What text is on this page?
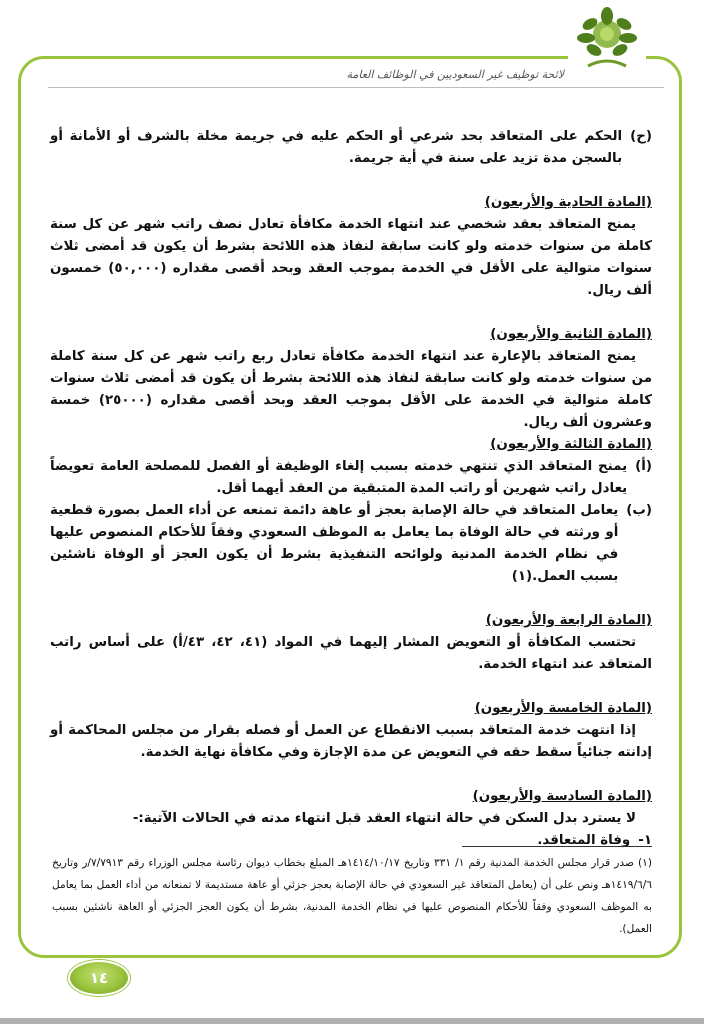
لائحة توظيف غير السعوديين في الوظائف العامة
(ح)
الحكم على المتعاقد بحد شرعي أو الحكم عليه في جريمة مخلة بالشرف أو الأمانة أو بالسجن مدة تزيد على سنة في أية جريمة.

(المادة الحادية والأربعون)

يمنح المتعاقد بعقد شخصي عند انتهاء الخدمة مكافأة تعادل نصف راتب شهر عن كل سنة كاملة من سنوات خدمته ولو كانت سابقة لنفاذ هذه اللائحة بشرط أن يكون قد أمضى ثلاث سنوات متوالية على الأقل في الخدمة بموجب العقد وبحد أقصى مقداره (٥٠,٠٠٠) خمسون ألف ريال.

(المادة الثانية والأربعون)

يمنح المتعاقد بالإعارة عند انتهاء الخدمة مكافأة تعادل ربع راتب شهر عن كل سنة كاملة من سنوات خدمته ولو كانت سابقة لنفاذ هذه اللائحة بشرط أن يكون قد أمضى ثلاث سنوات كاملة متوالية في الخدمة على الأقل بموجب العقد وبحد أقصى مقداره (٢٥٠٠٠) خمسة وعشرون ألف ريال.

(المادة الثالثة والأربعون)

(أ)
يمنح المتعاقد الذي تنتهي خدمته بسبب إلغاء الوظيفة أو الفصل للمصلحة العامة تعويضاً يعادل راتب شهرين أو راتب المدة المتبقية من العقد أيهما أقل.
(ب)
يعامل المتعاقد في حالة الإصابة بعجز أو عاهة دائمة تمنعه عن أداء العمل بصورة قطعية أو ورثته في حالة الوفاة بما يعامل به الموظف السعودي وفقاً للأحكام المنصوص عليها في نظام الخدمة المدنية ولوائحه التنفيذية بشرط أن يكون العجز أو الوفاة ناشئين بسبب العمل.(١)

(المادة الرابعة والأربعون)

تحتسب المكافأة أو التعويض المشار إليهما في المواد (٤١، ٤٢، ٤٣/أ) على أساس راتب المتعاقد عند انتهاء الخدمة.

(المادة الخامسة والأربعون)

إذا انتهت خدمة المتعاقد بسبب الانقطاع عن العمل أو فصله بقرار من مجلس المحاكمة أو إدانته جنائياً سقط حقه في التعويض عن مدة الإجازة وفي مكافأة نهاية الخدمة.

(المادة السادسة والأربعون)

لا يسترد بدل السكن في حالة انتهاء العقد قبل انتهاء مدته في الحالات الآتية:-

١-
وفاة المتعاقد.
(١) صدر قرار مجلس الخدمة المدنية رقم ١/ ٣٣١ وتاريخ ١٤١٤/١٠/١٧هـ المبلغ بخطاب ديوان رئاسة مجلس الوزراء رقم ٧/٧٩١٣/ر وتاريخ ١٤١٩/٦/٦هـ ونص على أن (يعامل المتعاقد غير السعودي في حالة الإصابة بعجز جزئي أو عاهة مستديمة لا تمنعانه من أداء العمل بما يعامل به الموظف السعودي وفقاً للأحكام المنصوص عليها في نظام الخدمة المدنية، بشرط أن يكون العجز الجزئي أو العاهة ناشئين بسبب العمل).
١٤
